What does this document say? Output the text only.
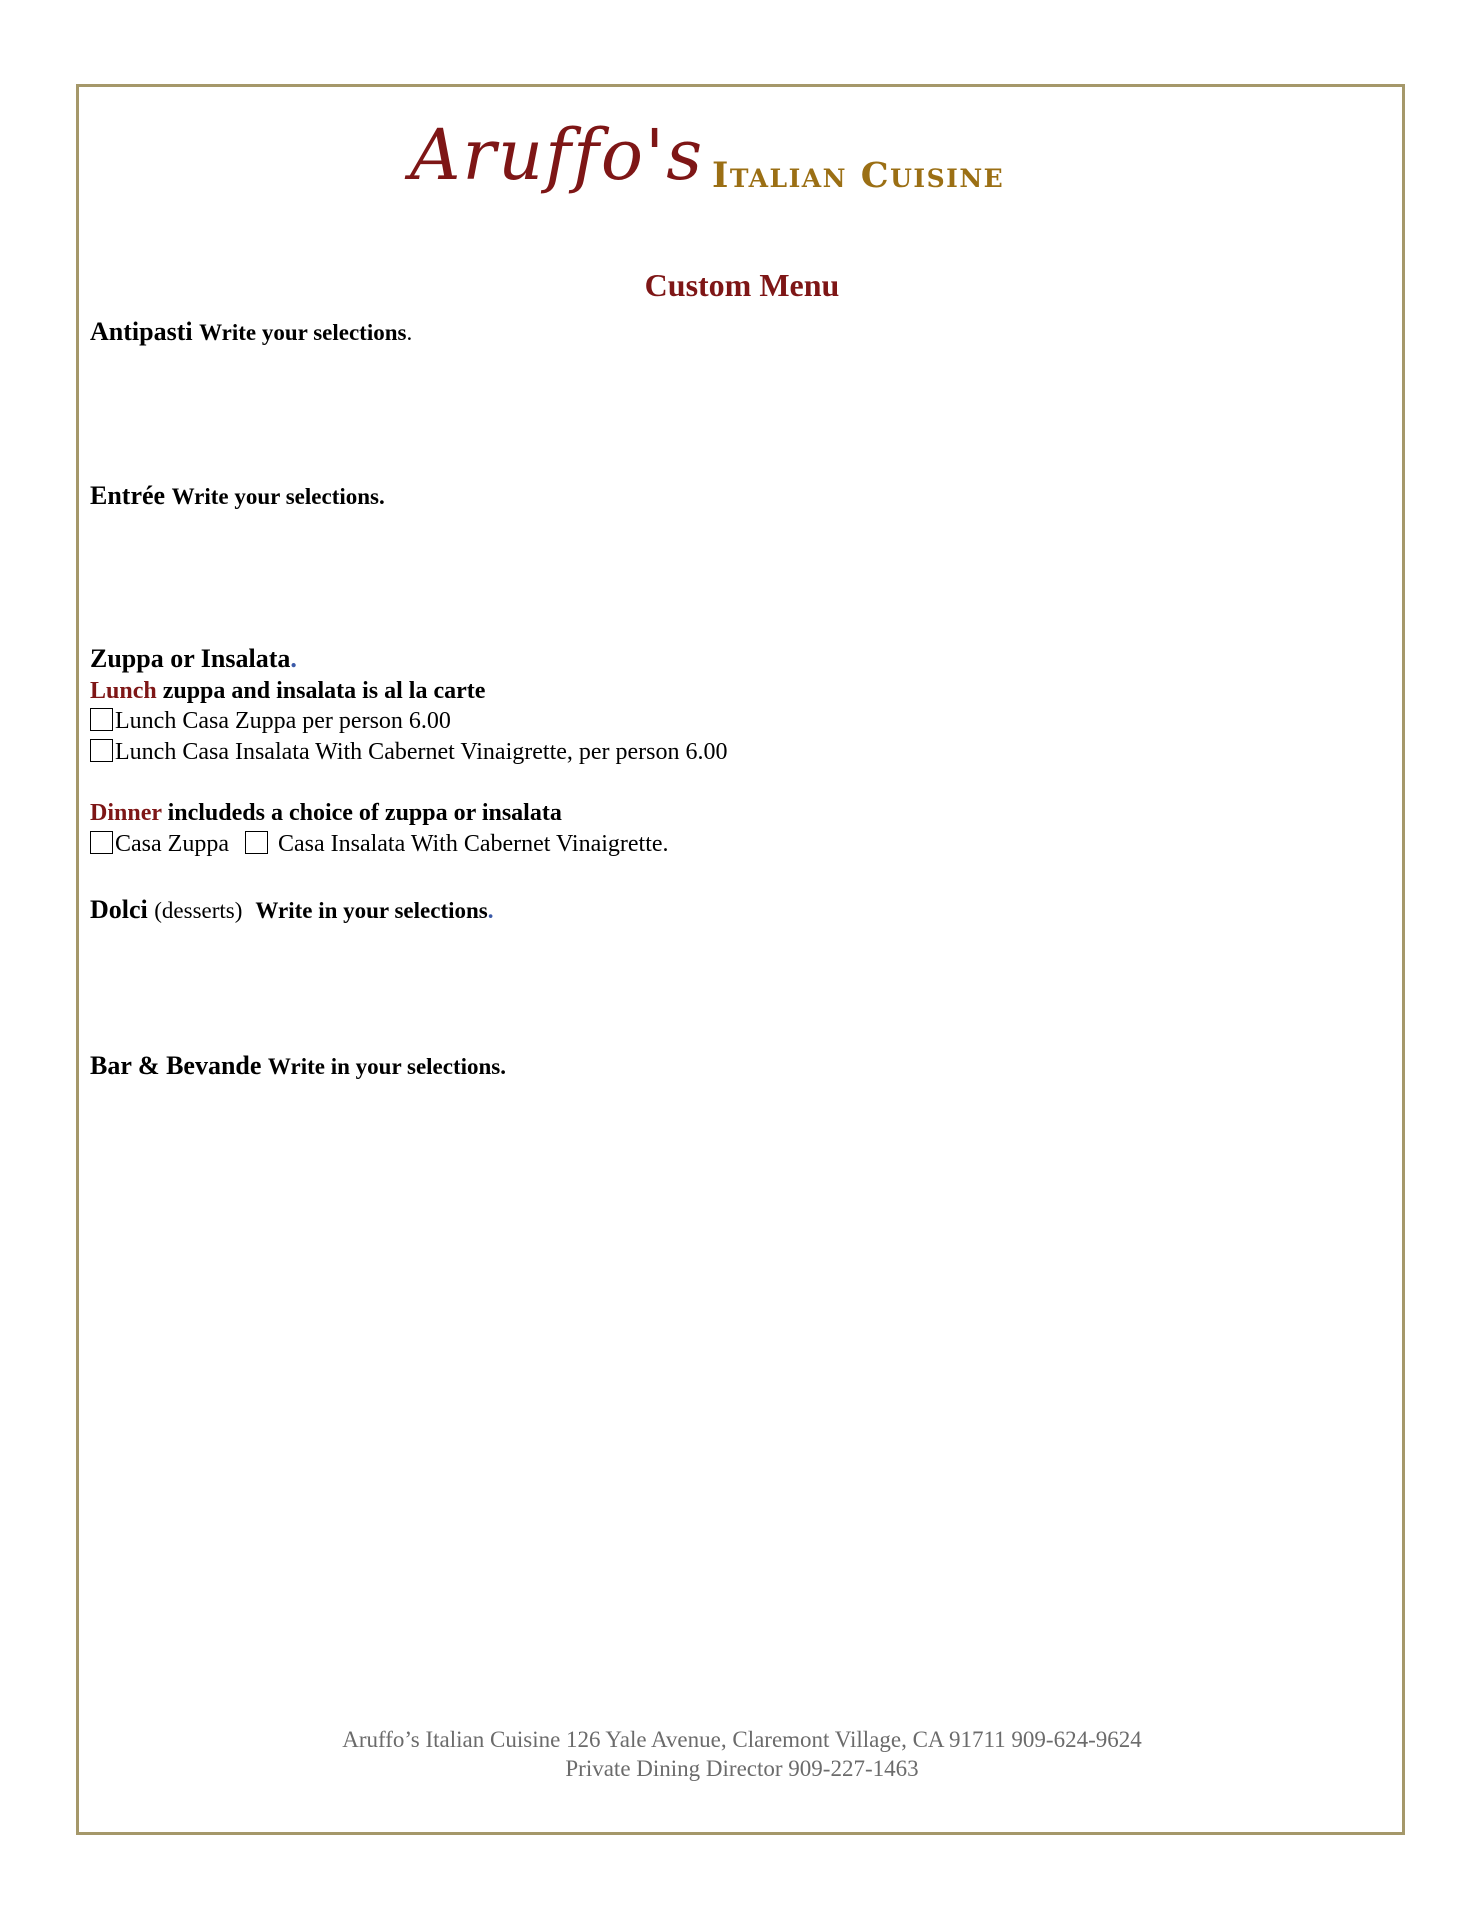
Aruffo's Italian Cuisine
Custom Menu
Antipasti Write your selections.
Entrée Write your selections.
Zuppa or Insalata.
Lunch zuppa and insalata is al la carte
Lunch Casa Zuppa per person 6.00
Lunch Casa Insalata With Cabernet Vinaigrette, per person 6.00
Dinner includeds a choice of zuppa or insalata
Casa Zuppa Casa Insalata With Cabernet Vinaigrette.
Dolci (desserts) Write in your selections.
Bar & Bevande Write in your selections.
Aruffo’s Italian Cuisine 126 Yale Avenue, Claremont Village, CA 91711 909-624-9624
Private Dining Director 909-227-1463
